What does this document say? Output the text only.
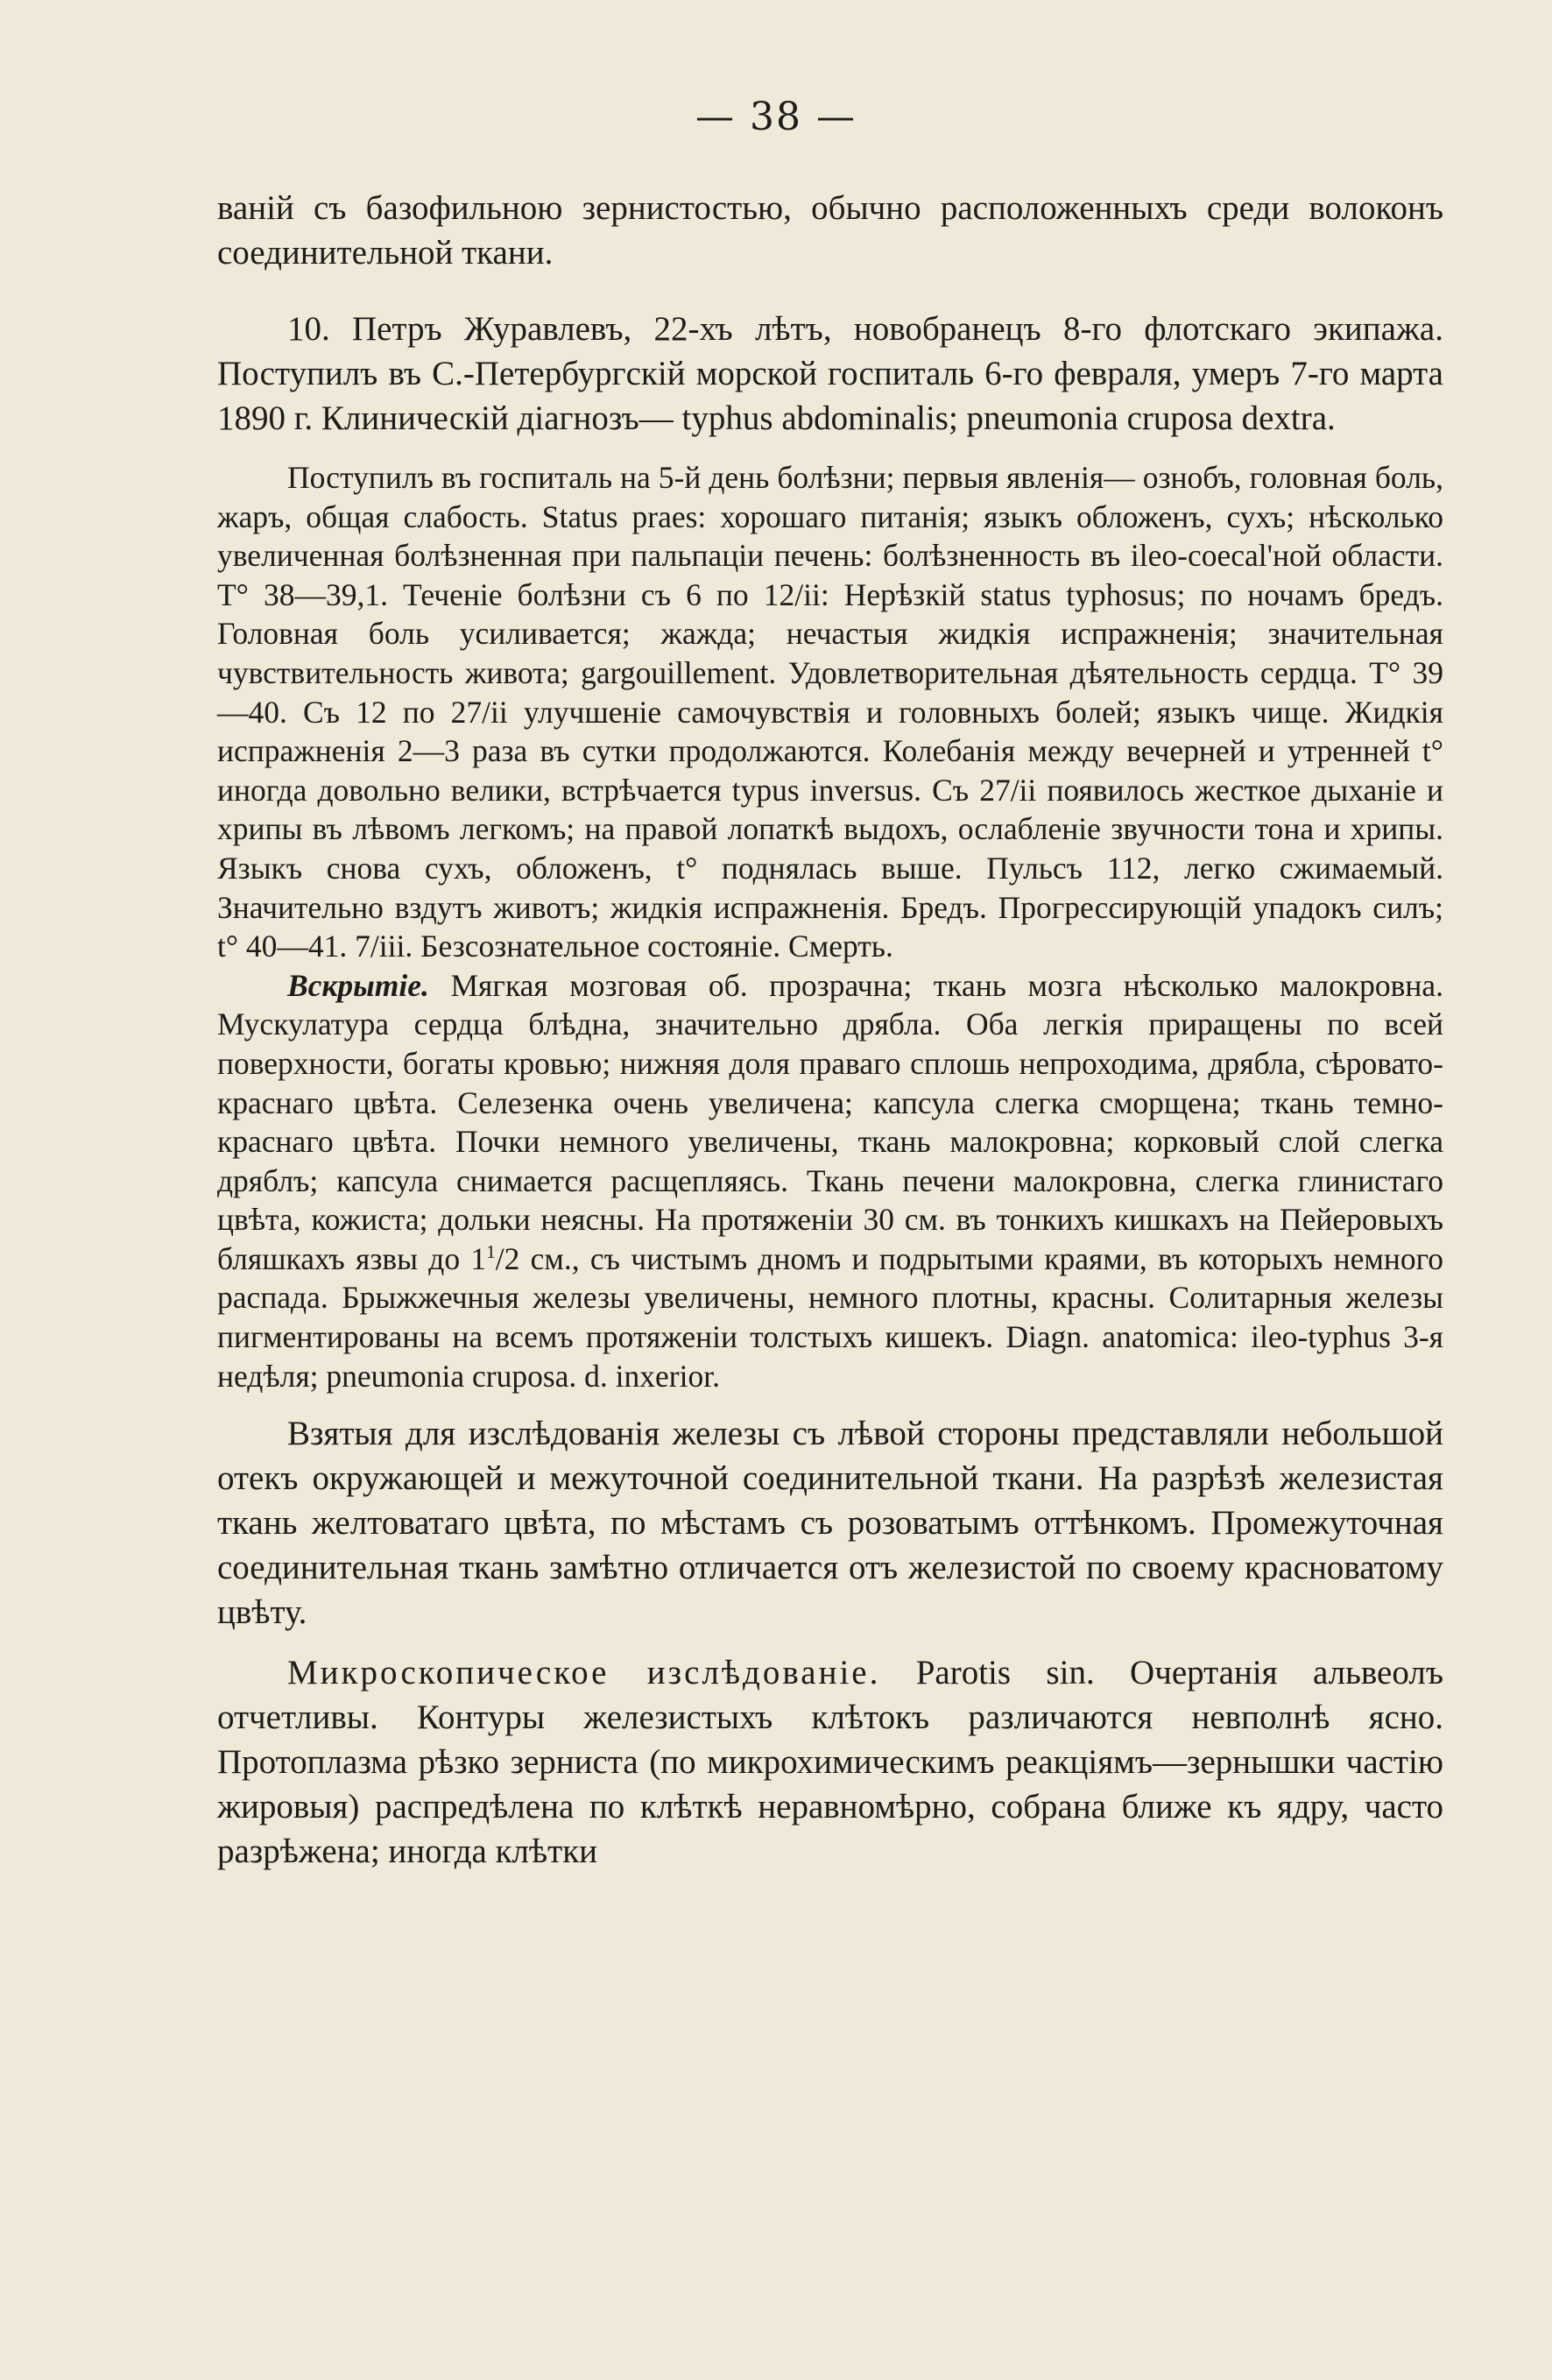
— 38 —

ваній съ базофильною зернистостью, обычно расположенныхъ среди волоконъ соединительной ткани.

10. Петръ Журавлевъ, 22-хъ лѣтъ, новобранецъ 8-го флотскаго экипажа. Поступилъ въ С.-Петербургскій морской госпиталь 6-го февраля, умеръ 7-го марта 1890 г. Клиническій діагнозъ— typhus abdominalis; pneumonia cruposa dextra.

Поступилъ въ госпиталь на 5-й день болѣзни; первыя явленія— ознобъ, головная боль, жаръ, общая слабость. Status praes: хорошаго питанія; языкъ обложенъ, сухъ; нѣсколько увеличенная болѣзненная при пальпаціи печень: болѣзненность въ ileo-coecal'ной области. T° 38—39,1. Теченіе болѣзни съ 6 по 12/ii: Нерѣзкій status typhosus; по ночамъ бредъ. Головная боль усиливается; жажда; нечастыя жидкія испражненія; значительная чувствительность живота; gargouillement. Удовлетворительная дѣятельность сердца. T° 39—40. Съ 12 по 27/ii улучшеніе самочувствія и головныхъ болей; языкъ чище. Жидкія испражненія 2—3 раза въ сутки продолжаются. Колебанія между вечерней и утренней t° иногда довольно велики, встрѣчается typus inversus. Съ 27/ii появилось жесткое дыханіе и хрипы въ лѣвомъ легкомъ; на правой лопаткѣ выдохъ, ослабленіе звучности тона и хрипы. Языкъ снова сухъ, обложенъ, t° поднялась выше. Пульсъ 112, легко сжимаемый. Значительно вздутъ животъ; жидкія испражненія. Бредъ. Прогрессирующій упадокъ силъ; t° 40—41. 7/iii. Безсознательное состояніе. Смерть.

Вскрытіе. Мягкая мозговая об. прозрачна; ткань мозга нѣсколько малокровна. Мускулатура сердца блѣдна, значительно дрябла. Оба легкія приращены по всей поверхности, богаты кровью; нижняя доля праваго сплошь непроходима, дрябла, сѣровато-краснаго цвѣта. Селезенка очень увеличена; капсула слегка сморщена; ткань темно-краснаго цвѣта. Почки немного увеличены, ткань малокровна; корковый слой слегка дряблъ; капсула снимается расщепляясь. Ткань печени малокровна, слегка глинистаго цвѣта, кожиста; дольки неясны. На протяженіи 30 см. въ тонкихъ кишкахъ на Пейеровыхъ бляшкахъ язвы до $1^1/2$ см., съ чистымъ дномъ и подрытыми краями, въ которыхъ немного распада. Брыжжечныя железы увеличены, немного плотны, красны. Солитарныя железы пигментированы на всемъ протяженіи толстыхъ кишекъ. Diagn. anatomica: ileo-typhus 3-я недѣля; pneumonia cruposa. d. inxerior.

Взятыя для изслѣдованія железы съ лѣвой стороны представляли небольшой отекъ окружающей и межуточной соединительной ткани. На разрѣзѣ железистая ткань желтоватаго цвѣта, по мѣстамъ съ розоватымъ оттѣнкомъ. Промежуточная соединительная ткань замѣтно отличается отъ железистой по своему красноватому цвѣту.

Микроскопическое изслѣдованіе. Parotis sin. Очертанія альвеолъ отчетливы. Контуры железистыхъ клѣтокъ различаются невполнѣ ясно. Протоплазма рѣзко зерниста (по микрохимическимъ реакціямъ—зернышки частію жировыя) распредѣлена по клѣткѣ неравномѣрно, собрана ближе къ ядру, часто разрѣжена; иногда клѣтки
